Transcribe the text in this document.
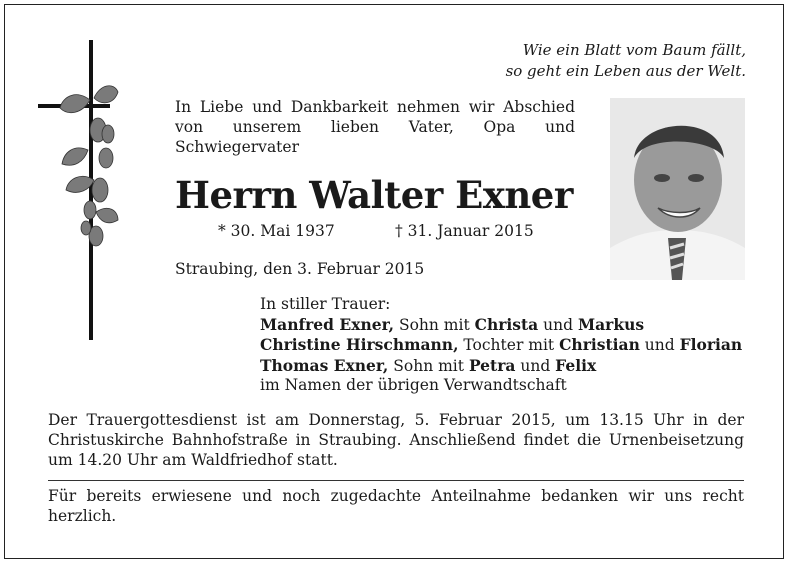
Wie ein Blatt vom Baum fällt,
so geht ein Leben aus der Welt.
In Liebe und Dankbarkeit nehmen wir Abschied von unserem lieben Vater, Opa und Schwiegervater
Herrn Walter Exner
* 30. Mai 1937	† 31. Januar 2015
Straubing, den 3. Februar 2015

In stiller Trauer:

Manfred Exner, Sohn mit Christa und Markus

Christine Hirschmann, Tochter mit Christian und Florian

Thomas Exner, Sohn mit Petra und Felix

im Namen der übrigen Verwandtschaft

Der Trauergottesdienst ist am Donnerstag, 5. Februar 2015, um 13.15 Uhr in der Christuskirche Bahnhofstraße in Straubing. Anschließend findet die Urnenbeisetzung um 14.20 Uhr am Waldfriedhof statt.
Für bereits erwiesene und noch zugedachte Anteilnahme bedanken wir uns recht herzlich.
